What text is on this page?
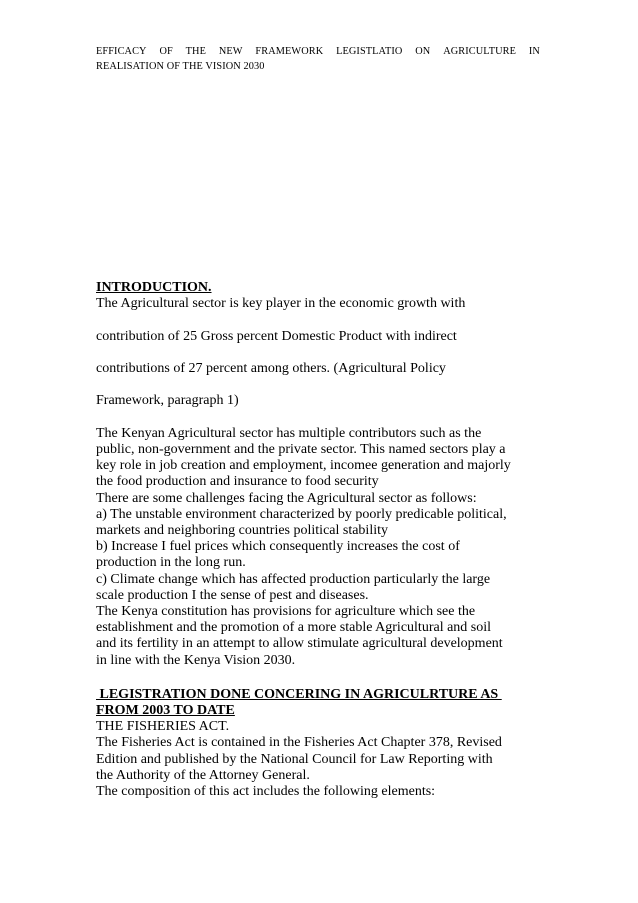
EFFICACY OF THE NEW FRAMEWORK LEGISTLATIO ON AGRICULTURE IN
REALISATION OF THE VISION 2030

INTRODUCTION.

The Agricultural sector is key player in the economic growth with

contribution of 25 Gross percent Domestic Product with indirect

contributions of 27 percent among others. (Agricultural Policy

Framework, paragraph 1)

The Kenyan Agricultural sector has multiple contributors such as the

public, non-government and the private sector. This named sectors play a

key role in job creation and employment, incomee generation and majorly

the food production and insurance to food security

There are some challenges facing the Agricultural sector as follows:

a) The unstable environment characterized by poorly predicable political,

markets and neighboring countries political stability

b) Increase I fuel prices which consequently increases the cost of

production in the long run.

c) Climate change which has affected production particularly the large

scale production I the sense of pest and diseases.

The Kenya constitution has provisions for agriculture which see the

establishment and the promotion of a more stable Agricultural and soil

and its fertility in an attempt to allow stimulate agricultural development

in line with the Kenya Vision 2030.

LEGISTRATION DONE CONCERING IN AGRICULRTURE AS

FROM 2003 TO DATE

THE FISHERIES ACT.

The Fisheries Act is contained in the Fisheries Act Chapter 378, Revised

Edition and published by the National Council for Law Reporting with

the Authority of the Attorney General.

The composition of this act includes the following elements:
